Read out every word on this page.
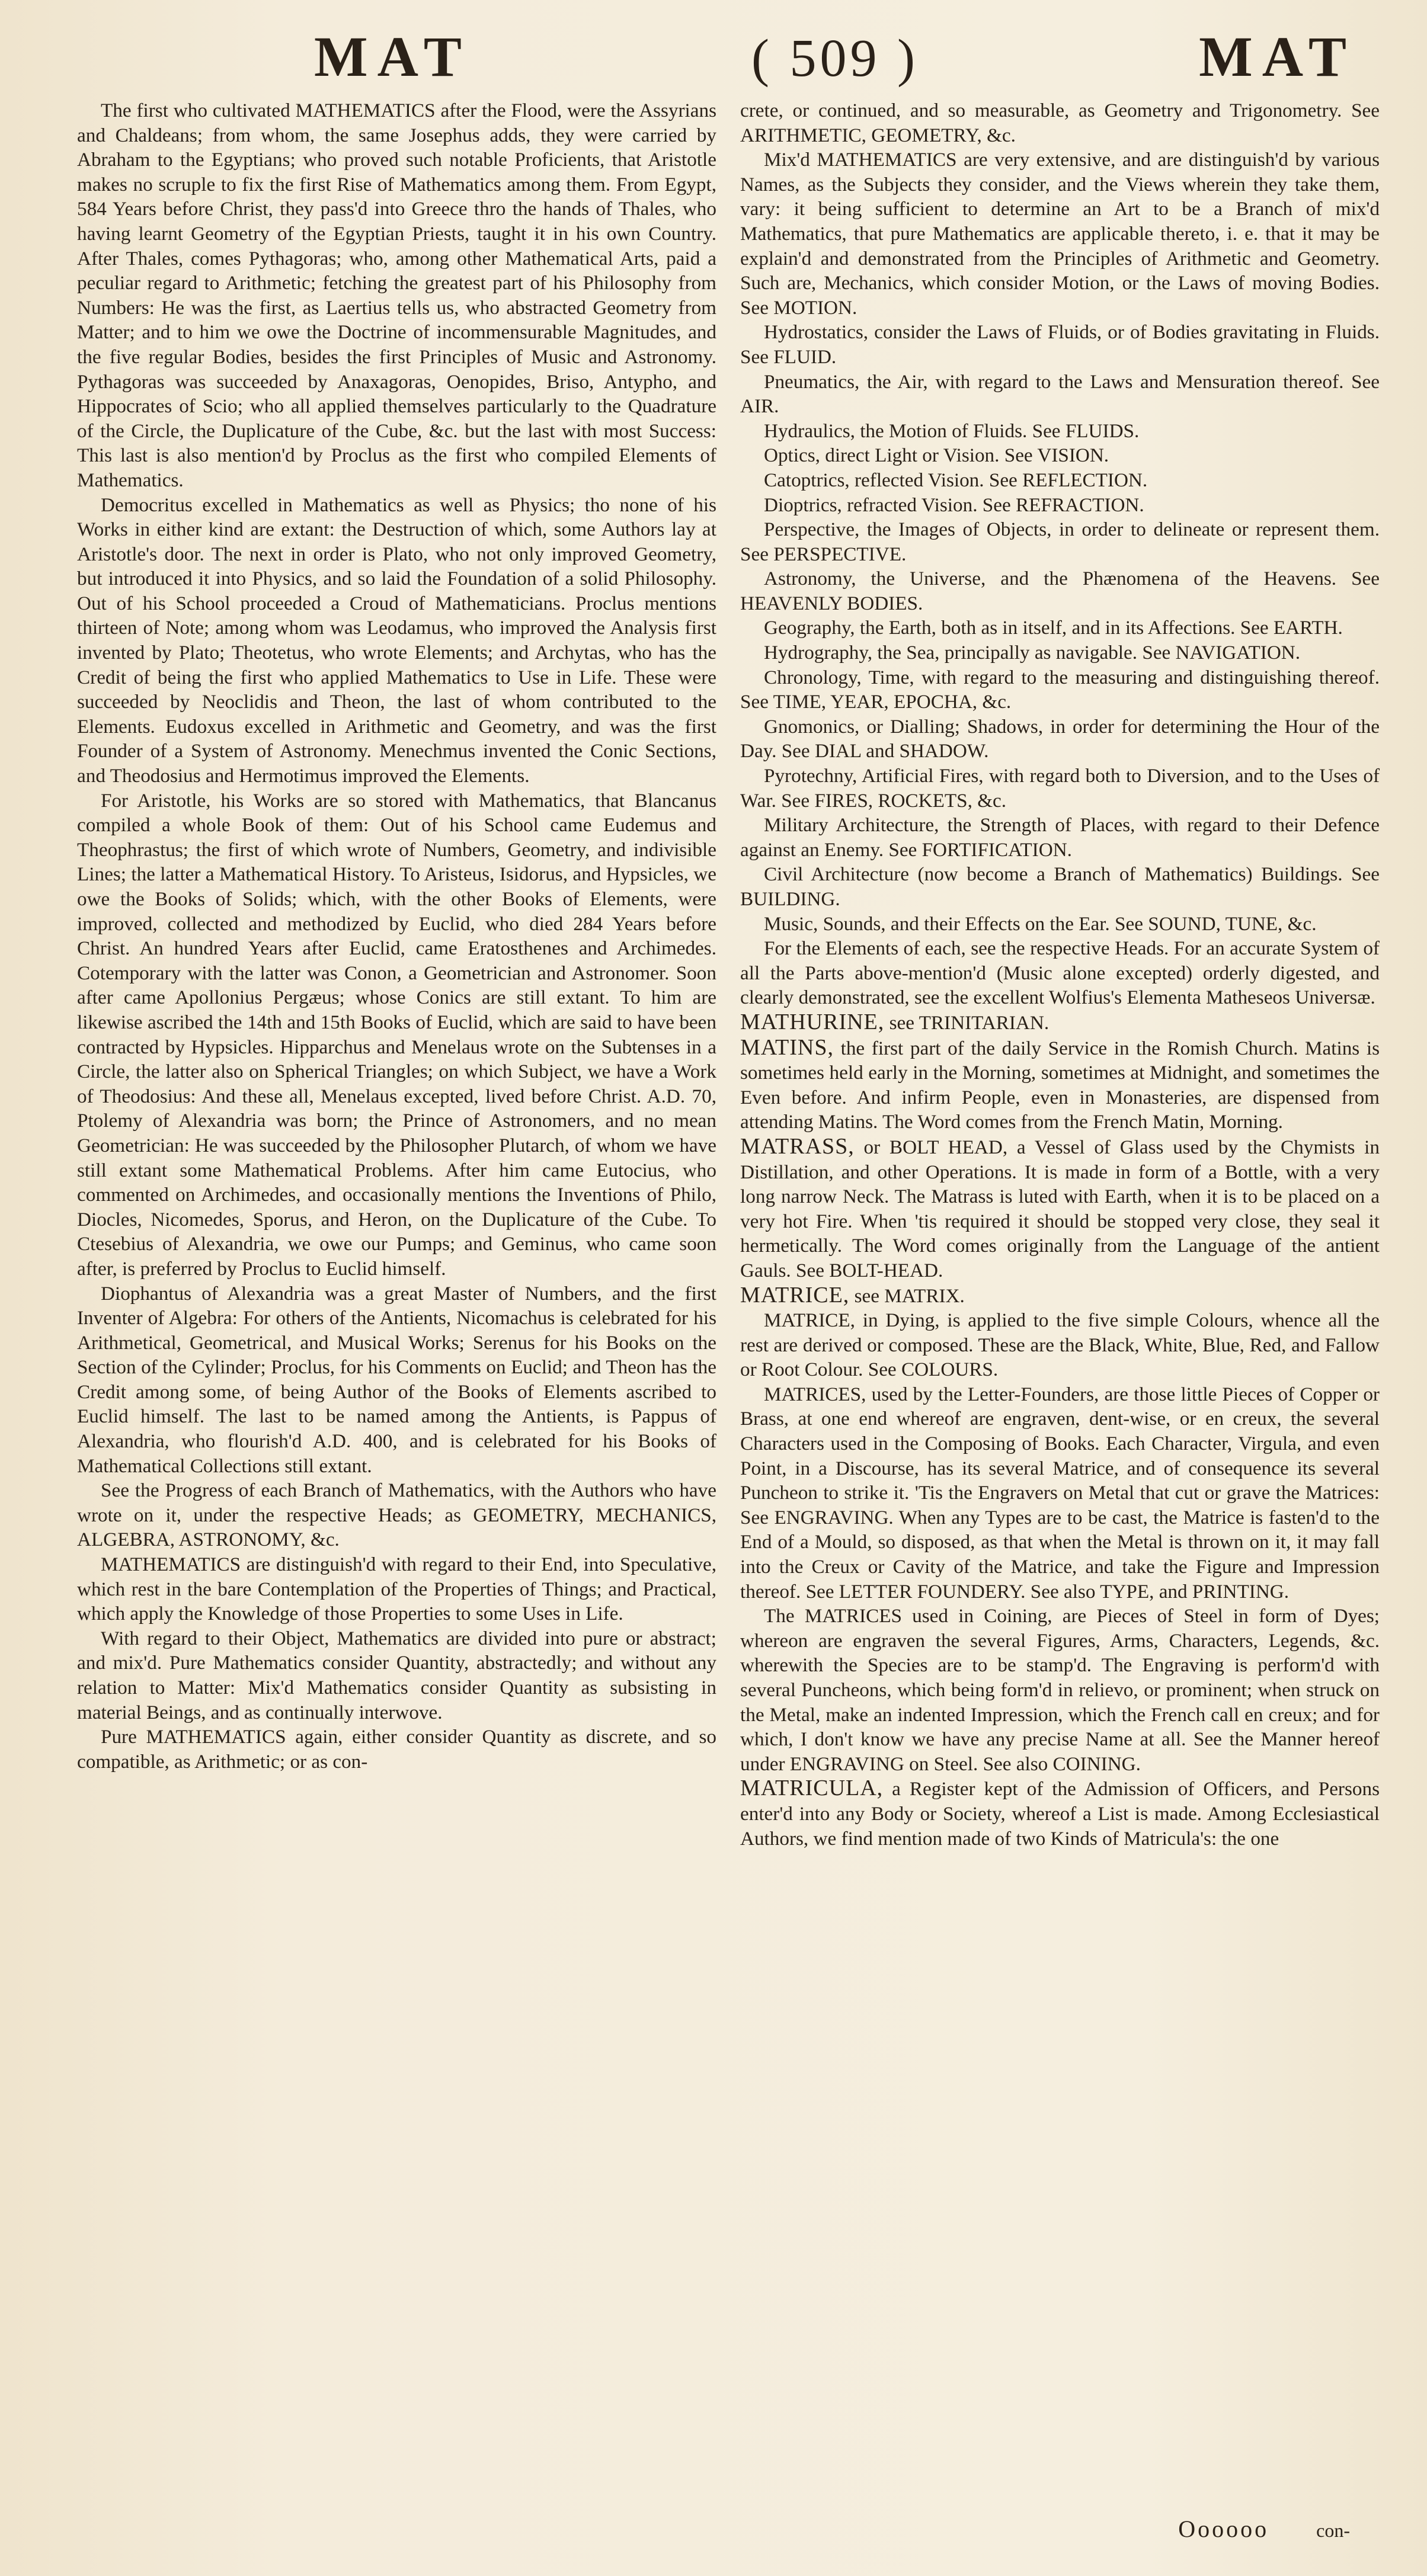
MAT	( 509 )	MAT

The first who cultivated MATHEMATICS after the Flood, were the Assyrians and Chaldeans; from whom, the same Josephus adds, they were carried by Abraham to the Egyptians; who proved such notable Proficients, that Aristotle makes no scruple to fix the first Rise of Mathematics among them. From Egypt, 584 Years before Christ, they pass'd into Greece thro the hands of Thales, who having learnt Geometry of the Egyptian Priests, taught it in his own Country. After Thales, comes Pythagoras; who, among other Mathematical Arts, paid a peculiar regard to Arithmetic; fetching the greatest part of his Philosophy from Numbers: He was the first, as Laertius tells us, who abstracted Geometry from Matter; and to him we owe the Doctrine of incommensurable Magnitudes, and the five regular Bodies, besides the first Principles of Music and Astronomy. Pythagoras was succeeded by Anaxagoras, Oenopides, Briso, Antypho, and Hippocrates of Scio; who all applied themselves particularly to the Quadrature of the Circle, the Duplicature of the Cube, &c. but the last with most Success: This last is also mention'd by Proclus as the first who compiled Elements of Mathematics.

Democritus excelled in Mathematics as well as Physics; tho none of his Works in either kind are extant: the Destruction of which, some Authors lay at Aristotle's door. The next in order is Plato, who not only improved Geometry, but introduced it into Physics, and so laid the Foundation of a solid Philosophy. Out of his School proceeded a Croud of Mathematicians. Proclus mentions thirteen of Note; among whom was Leodamus, who improved the Analysis first invented by Plato; Theotetus, who wrote Elements; and Archytas, who has the Credit of being the first who applied Mathematics to Use in Life. These were succeeded by Neoclidis and Theon, the last of whom contributed to the Elements. Eudoxus excelled in Arithmetic and Geometry, and was the first Founder of a System of Astronomy. Menechmus invented the Conic Sections, and Theodosius and Hermotimus improved the Elements.

For Aristotle, his Works are so stored with Mathematics, that Blancanus compiled a whole Book of them: Out of his School came Eudemus and Theophrastus; the first of which wrote of Numbers, Geometry, and indivisible Lines; the latter a Mathematical History. To Aristeus, Isidorus, and Hypsicles, we owe the Books of Solids; which, with the other Books of Elements, were improved, collected and methodized by Euclid, who died 284 Years before Christ. An hundred Years after Euclid, came Eratosthenes and Archimedes. Cotemporary with the latter was Conon, a Geometrician and Astronomer. Soon after came Apollonius Pergæus; whose Conics are still extant. To him are likewise ascribed the 14th and 15th Books of Euclid, which are said to have been contracted by Hypsicles. Hipparchus and Menelaus wrote on the Subtenses in a Circle, the latter also on Spherical Triangles; on which Subject, we have a Work of Theodosius: And these all, Menelaus excepted, lived before Christ. A.D. 70, Ptolemy of Alexandria was born; the Prince of Astronomers, and no mean Geometrician: He was succeeded by the Philosopher Plutarch, of whom we have still extant some Mathematical Problems. After him came Eutocius, who commented on Archimedes, and occasionally mentions the Inventions of Philo, Diocles, Nicomedes, Sporus, and Heron, on the Duplicature of the Cube. To Ctesebius of Alexandria, we owe our Pumps; and Geminus, who came soon after, is preferred by Proclus to Euclid himself.

Diophantus of Alexandria was a great Master of Numbers, and the first Inventer of Algebra: For others of the Antients, Nicomachus is celebrated for his Arithmetical, Geometrical, and Musical Works; Serenus for his Books on the Section of the Cylinder; Proclus, for his Comments on Euclid; and Theon has the Credit among some, of being Author of the Books of Elements ascribed to Euclid himself. The last to be named among the Antients, is Pappus of Alexandria, who flourish'd A.D. 400, and is celebrated for his Books of Mathematical Collections still extant.

See the Progress of each Branch of Mathematics, with the Authors who have wrote on it, under the respective Heads; as GEOMETRY, MECHANICS, ALGEBRA, ASTRONOMY, &c.

MATHEMATICS are distinguish'd with regard to their End, into Speculative, which rest in the bare Contemplation of the Properties of Things; and Practical, which apply the Knowledge of those Properties to some Uses in Life.

With regard to their Object, Mathematics are divided into pure or abstract; and mix'd. Pure Mathematics consider Quantity, abstractedly; and without any relation to Matter: Mix'd Mathematics consider Quantity as subsisting in material Beings, and as continually interwove.

Pure MATHEMATICS again, either consider Quantity as discrete, and so compatible, as Arithmetic; or as con-

crete, or continued, and so measurable, as Geometry and Trigonometry. See ARITHMETIC, GEOMETRY, &c.

Mix'd MATHEMATICS are very extensive, and are distinguish'd by various Names, as the Subjects they consider, and the Views wherein they take them, vary: it being sufficient to determine an Art to be a Branch of mix'd Mathematics, that pure Mathematics are applicable thereto, i. e. that it may be explain'd and demonstrated from the Principles of Arithmetic and Geometry. Such are, Mechanics, which consider Motion, or the Laws of moving Bodies. See MOTION.

Hydrostatics, consider the Laws of Fluids, or of Bodies gravitating in Fluids. See FLUID.

Pneumatics, the Air, with regard to the Laws and Mensuration thereof. See AIR.

Hydraulics, the Motion of Fluids. See FLUIDS.

Optics, direct Light or Vision. See VISION.

Catoptrics, reflected Vision. See REFLECTION.

Dioptrics, refracted Vision. See REFRACTION.

Perspective, the Images of Objects, in order to delineate or represent them. See PERSPECTIVE.

Astronomy, the Universe, and the Phænomena of the Heavens. See HEAVENLY BODIES.

Geography, the Earth, both as in itself, and in its Affections. See EARTH.

Hydrography, the Sea, principally as navigable. See NAVIGATION.

Chronology, Time, with regard to the measuring and distinguishing thereof. See TIME, YEAR, EPOCHA, &c.

Gnomonics, or Dialling; Shadows, in order for determining the Hour of the Day. See DIAL and SHADOW.

Pyrotechny, Artificial Fires, with regard both to Diversion, and to the Uses of War. See FIRES, ROCKETS, &c.

Military Architecture, the Strength of Places, with regard to their Defence against an Enemy. See FORTIFICATION.

Civil Architecture (now become a Branch of Mathematics) Buildings. See BUILDING.

Music, Sounds, and their Effects on the Ear. See SOUND, TUNE, &c.

For the Elements of each, see the respective Heads. For an accurate System of all the Parts above-mention'd (Music alone excepted) orderly digested, and clearly demonstrated, see the excellent Wolfius's Elementa Matheseos Universæ.

MATHURINE, see TRINITARIAN.

MATINS, the first part of the daily Service in the Romish Church. Matins is sometimes held early in the Morning, sometimes at Midnight, and sometimes the Even before. And infirm People, even in Monasteries, are dispensed from attending Matins. The Word comes from the French Matin, Morning.

MATRASS, or BOLT HEAD, a Vessel of Glass used by the Chymists in Distillation, and other Operations. It is made in form of a Bottle, with a very long narrow Neck. The Matrass is luted with Earth, when it is to be placed on a very hot Fire. When 'tis required it should be stopped very close, they seal it hermetically. The Word comes originally from the Language of the antient Gauls. See BOLT-HEAD.

MATRICE, see MATRIX.

MATRICE, in Dying, is applied to the five simple Colours, whence all the rest are derived or composed. These are the Black, White, Blue, Red, and Fallow or Root Colour. See COLOURS.

MATRICES, used by the Letter-Founders, are those little Pieces of Copper or Brass, at one end whereof are engraven, dent-wise, or en creux, the several Characters used in the Composing of Books. Each Character, Virgula, and even Point, in a Discourse, has its several Matrice, and of consequence its several Puncheon to strike it. 'Tis the Engravers on Metal that cut or grave the Matrices: See ENGRAVING. When any Types are to be cast, the Matrice is fasten'd to the End of a Mould, so disposed, as that when the Metal is thrown on it, it may fall into the Creux or Cavity of the Matrice, and take the Figure and Impression thereof. See LETTER FOUNDERY. See also TYPE, and PRINTING.

The MATRICES used in Coining, are Pieces of Steel in form of Dyes; whereon are engraven the several Figures, Arms, Characters, Legends, &c. wherewith the Species are to be stamp'd. The Engraving is perform'd with several Puncheons, which being form'd in relievo, or prominent; when struck on the Metal, make an indented Impression, which the French call en creux; and for which, I don't know we have any precise Name at all. See the Manner hereof under ENGRAVING on Steel. See also COINING.

MATRICULA, a Register kept of the Admission of Officers, and Persons enter'd into any Body or Society, whereof a List is made. Among Ecclesiastical Authors, we find mention made of two Kinds of Matricula's: the one

Oooooo	con-
